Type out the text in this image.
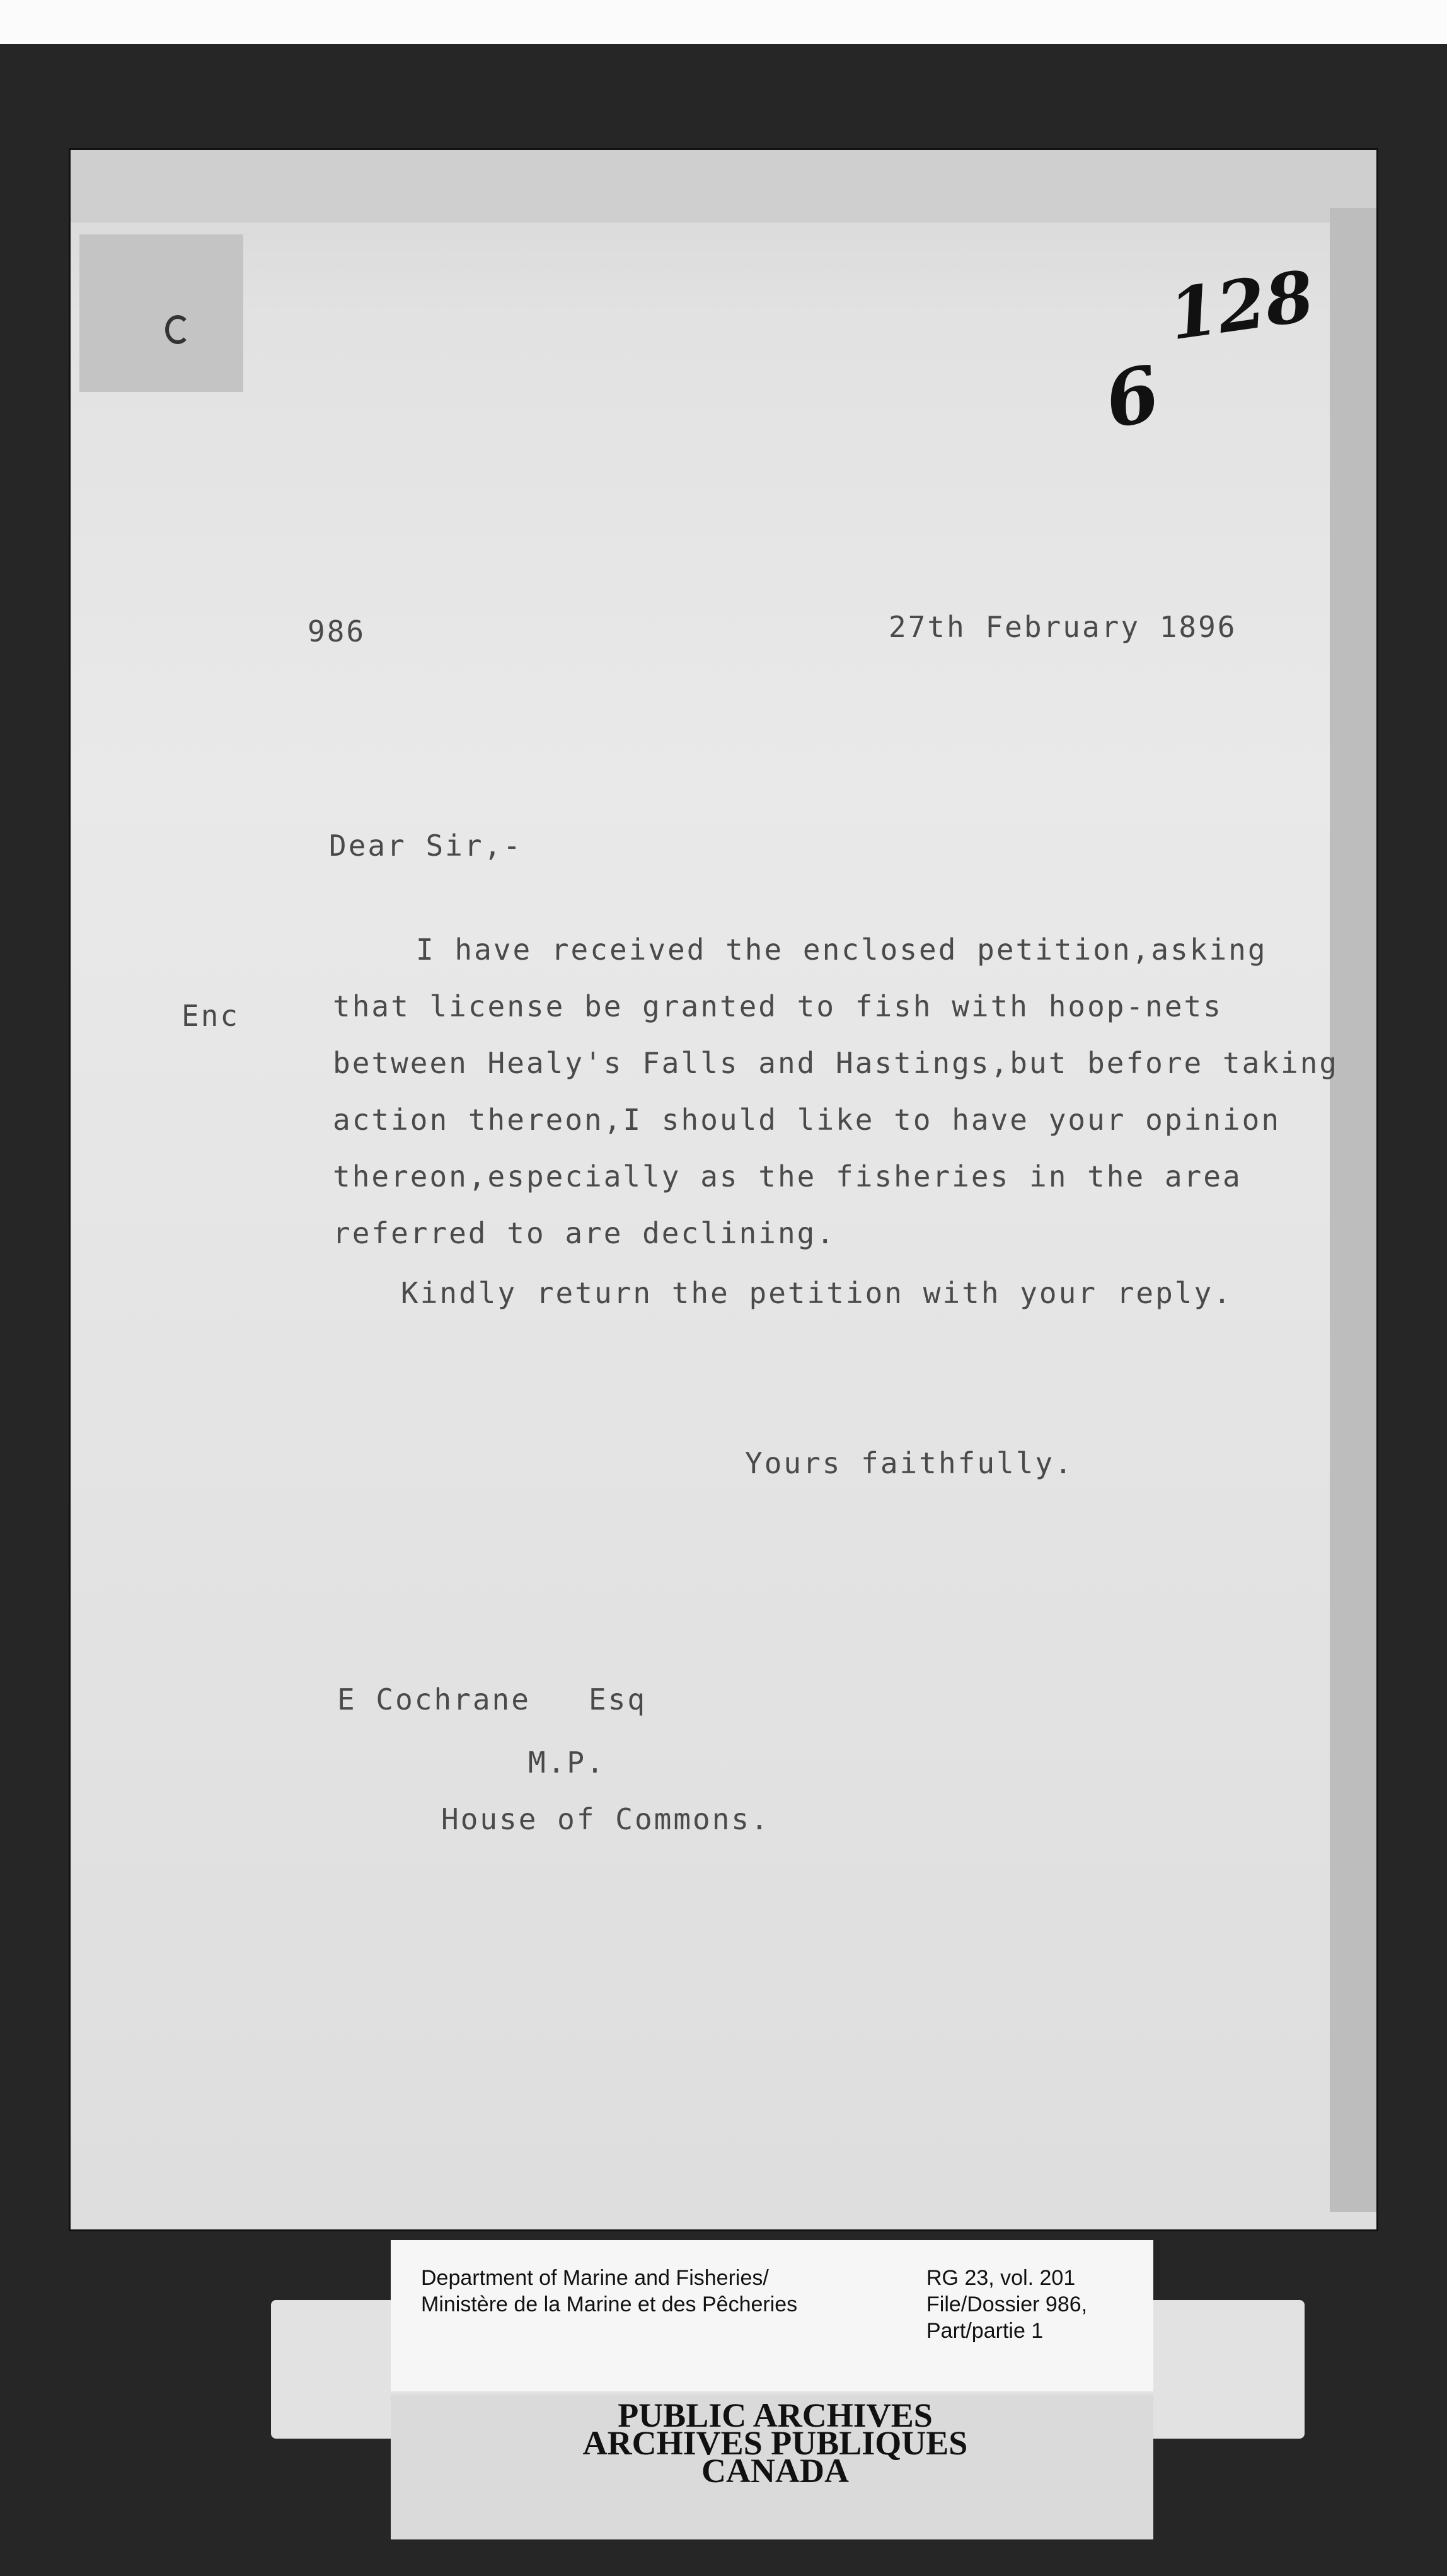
128
6
986	27th February 1896
Dear Sir,-
Enc
I have received the enclosed petition,asking
that license be granted to fish with hoop-nets
between Healy's Falls and Hastings,but before taking
action thereon,I should like to have your opinion
thereon,especially as the fisheries in the area
referred to are declining.
Kindly return the petition with your reply.
Yours faithfully.
E Cochrane   Esq
M.P.
House of Commons.
Department of Marine and Fisheries/
Ministère de la Marine et des Pêcheries
RG 23, vol. 201
File/Dossier 986,
Part/partie 1
PUBLIC ARCHIVES
ARCHIVES PUBLIQUES
CANADA
